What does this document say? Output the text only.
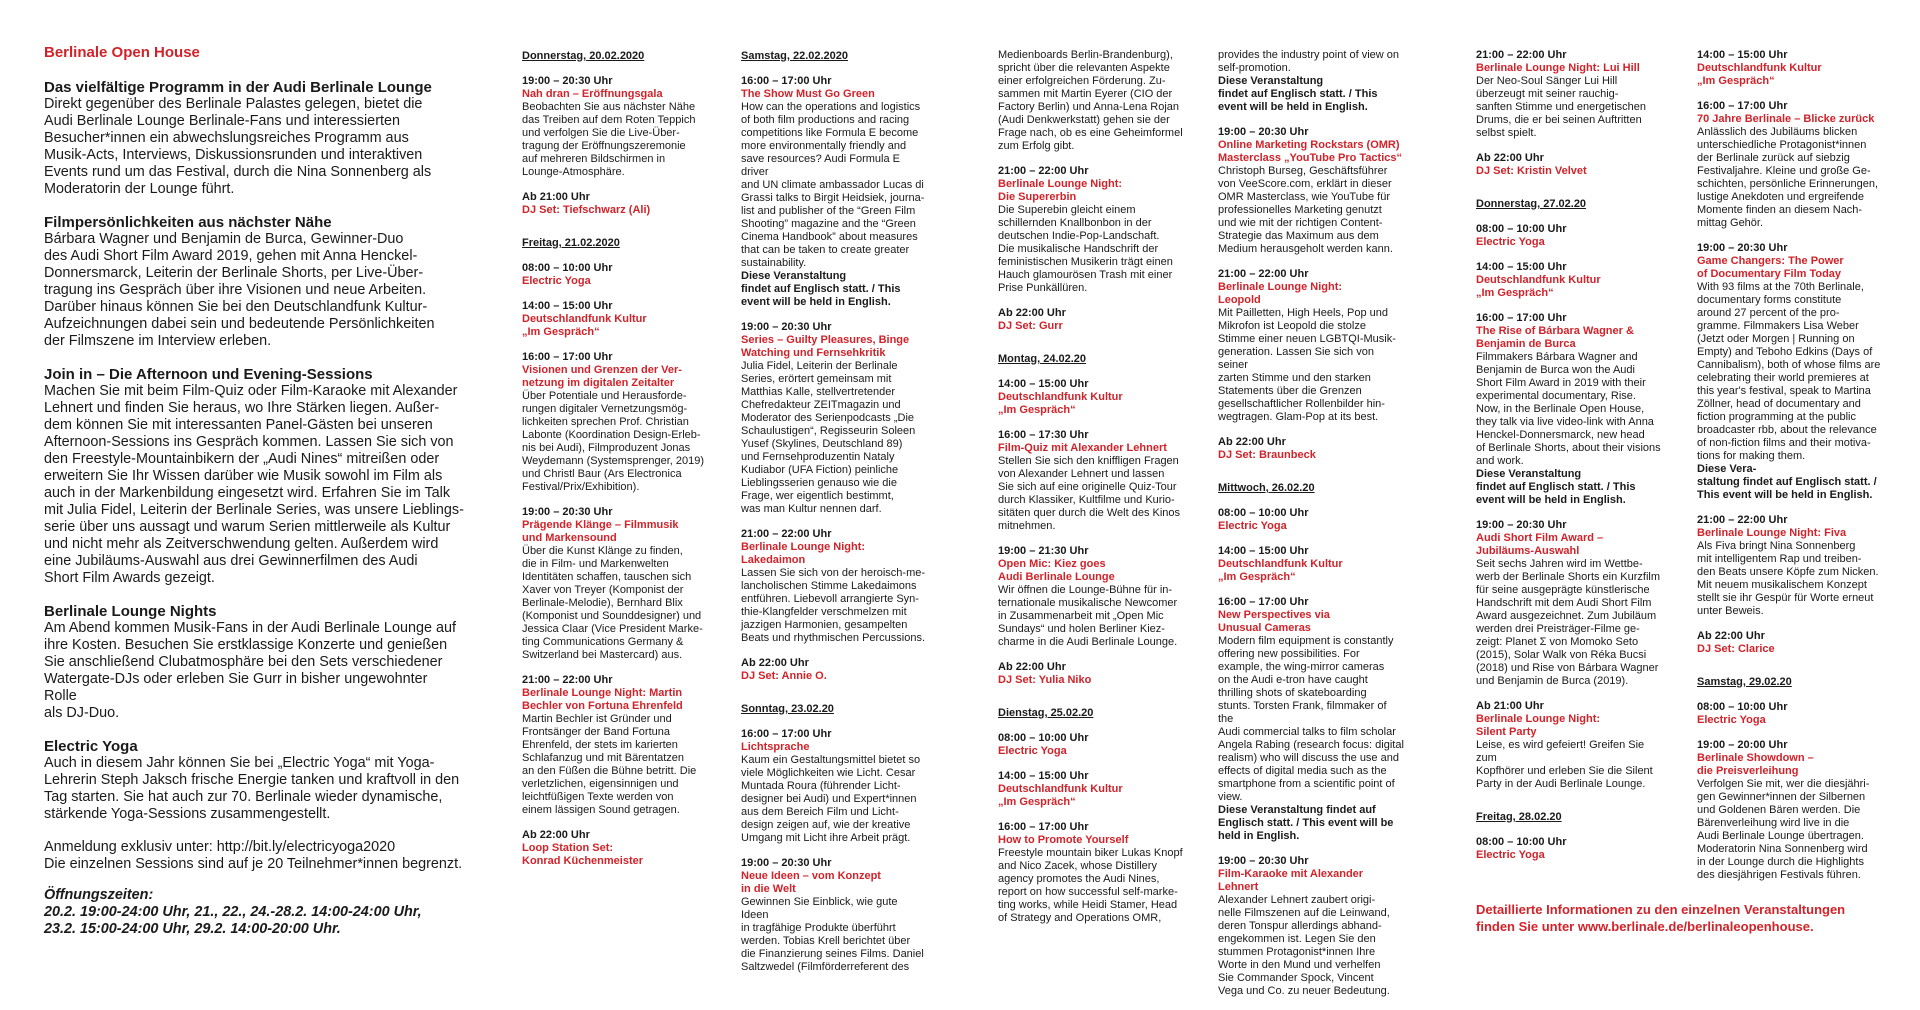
Berlinale Open House
Das vielfältige Programm in der Audi Berlinale Lounge

Direkt gegenüber des Berlinale Palastes gelegen, bietet die
Audi Berlinale Lounge Berlinale-Fans und interessierten
Besucher*innen ein abwechslungsreiches Programm aus
Musik-Acts, Interviews, Diskussionsrunden und interaktiven
Events rund um das Festival, durch die Nina Sonnenberg als
Moderatorin der Lounge führt.

Filmpersönlichkeiten aus nächster Nähe

Bárbara Wagner und Benjamin de Burca, Gewinner-Duo
des Audi Short Film Award 2019, gehen mit Anna Henckel-
Donnersmarck, Leiterin der Berlinale Shorts, per Live-Über-
tragung ins Gespräch über ihre Visionen und neue Arbeiten.
Darüber hinaus können Sie bei den Deutschlandfunk Kultur-
Aufzeichnungen dabei sein und bedeutende Persönlichkeiten
der Filmszene im Interview erleben.

Join in – Die Afternoon und Evening-Sessions

Machen Sie mit beim Film-Quiz oder Film-Karaoke mit Alexander
Lehnert und finden Sie heraus, wo Ihre Stärken liegen. Außer-
dem können Sie mit interessanten Panel-Gästen bei unseren
Afternoon-Sessions ins Gespräch kommen. Lassen Sie sich von
den Freestyle-Mountainbikern der „Audi Nines“ mitreißen oder
erweitern Sie Ihr Wissen darüber wie Musik sowohl im Film als
auch in der Markenbildung eingesetzt wird. Erfahren Sie im Talk
mit Julia Fidel, Leiterin der Berlinale Series, was unsere Lieblings-
serie über uns aussagt und warum Serien mittlerweile als Kultur
und nicht mehr als Zeitverschwendung gelten. Außerdem wird
eine Jubiläums-Auswahl aus drei Gewinnerfilmen des Audi
Short Film Awards gezeigt.

Berlinale Lounge Nights

Am Abend kommen Musik-Fans in der Audi Berlinale Lounge auf
ihre Kosten. Besuchen Sie erstklassige Konzerte und genießen
Sie anschließend Clubatmosphäre bei den Sets verschiedener
Watergate-DJs oder erleben Sie Gurr in bisher ungewohnter Rolle
als DJ-Duo.

Electric Yoga

Auch in diesem Jahr können Sie bei „Electric Yoga“ mit Yoga-
Lehrerin Steph Jaksch frische Energie tanken und kraftvoll in den
Tag starten. Sie hat auch zur 70. Berlinale wieder dynamische,
stärkende Yoga-Sessions zusammengestellt.

Anmeldung exklusiv unter: http://bit.ly/electricyoga2020
Die einzelnen Sessions sind auf je 20 Teilnehmer*innen begrenzt.
Öffnungszeiten:
20.2. 19:00-24:00 Uhr, 21., 22., 24.-28.2. 14:00-24:00 Uhr,
23.2. 15:00-24:00 Uhr, 29.2. 14:00-20:00 Uhr.
Donnerstag, 20.02.2020
19:00 – 20:30 Uhr
Nah dran – Eröffnungsgala
Beobachten Sie aus nächster Nähe
das Treiben auf dem Roten Teppich
und verfolgen Sie die Live-Über-
tragung der Eröffnungszeremonie
auf mehreren Bildschirmen in
Lounge-Atmosphäre.
Ab 21:00 Uhr
DJ Set: Tiefschwarz (Ali)
Freitag, 21.02.2020
08:00 – 10:00 Uhr
Electric Yoga
14:00 – 15:00 Uhr
Deutschlandfunk Kultur
„Im Gespräch“
16:00 – 17:00 Uhr
Visionen und Grenzen der Ver-
netzung im digitalen Zeitalter
Über Potentiale und Herausforde-
rungen digitaler Vernetzungsmög-
lichkeiten sprechen Prof. Christian
Labonte (Koordination Design-Erleb-
nis bei Audi), Filmproduzent Jonas
Weydemann (Systemsprenger, 2019)
und Christl Baur (Ars Electronica
Festival/Prix/Exhibition).
19:00 – 20:30 Uhr
Prägende Klänge – Filmmusik
und Markensound
Über die Kunst Klänge zu finden,
die in Film- und Markenwelten
Identitäten schaffen, tauschen sich
Xaver von Treyer (Komponist der
Berlinale-Melodie), Bernhard Blix
(Komponist und Sounddesigner) und
Jessica Claar (Vice President Marke-
ting Communications Germany &
Switzerland bei Mastercard) aus.
21:00 – 22:00 Uhr
Berlinale Lounge Night: Martin
Bechler von Fortuna Ehrenfeld
Martin Bechler ist Gründer und
Frontsänger der Band Fortuna
Ehrenfeld, der stets im karierten
Schlafanzug und mit Bärentatzen
an den Füßen die Bühne betritt. Die
verletzlichen, eigensinnigen und
leichtfüßigen Texte werden von
einem lässigen Sound getragen.
Ab 22:00 Uhr
Loop Station Set:
Konrad Küchenmeister
Samstag, 22.02.2020
16:00 – 17:00 Uhr
The Show Must Go Green
How can the operations and logistics
of both film productions and racing
competitions like Formula E become
more environmentally friendly and
save resources? Audi Formula E driver
and UN climate ambassador Lucas di
Grassi talks to Birgit Heidsiek, journa-
list and publisher of the “Green Film
Shooting” magazine and the “Green
Cinema Handbook” about measures
that can be taken to create greater
sustainability.
Diese Veranstaltung
findet auf Englisch statt. / This
event will be held in English.
19:00 – 20:30 Uhr
Series – Guilty Pleasures, Binge
Watching und Fernsehkritik
Julia Fidel, Leiterin der Berlinale
Series, erörtert gemeinsam mit
Matthias Kalle, stellvertretender
Chefredakteur ZEITmagazin und
Moderator des Serienpodcasts „Die
Schaulustigen“, Regisseurin Soleen
Yusef (Skylines, Deutschland 89)
und Fernsehproduzentin Nataly
Kudiabor (UFA Fiction) peinliche
Lieblingsserien genauso wie die
Frage, wer eigentlich bestimmt,
was man Kultur nennen darf.
21:00 – 22:00 Uhr
Berlinale Lounge Night:
Lakedaimon
Lassen Sie sich von der heroisch-me-
lancholischen Stimme Lakedaimons
entführen. Liebevoll arrangierte Syn-
thie-Klangfelder verschmelzen mit
jazzigen Harmonien, gesampelten
Beats und rhythmischen Percussions.
Ab 22:00 Uhr
DJ Set: Annie O.
Sonntag, 23.02.20
16:00 – 17:00 Uhr
Lichtsprache
Kaum ein Gestaltungsmittel bietet so
viele Möglichkeiten wie Licht. Cesar
Muntada Roura (führender Licht-
designer bei Audi) und Expert*innen
aus dem Bereich Film und Licht-
design zeigen auf, wie der kreative
Umgang mit Licht ihre Arbeit prägt.
19:00 – 20:30 Uhr
Neue Ideen – vom Konzept
in die Welt
Gewinnen Sie Einblick, wie gute Ideen
in tragfähige Produkte überführt
werden. Tobias Krell berichtet über
die Finanzierung seines Films. Daniel
Saltzwedel (Filmförderreferent des
Medienboards Berlin-Brandenburg),
spricht über die relevanten Aspekte
einer erfolgreichen Förderung. Zu-
sammen mit Martin Eyerer (CIO der
Factory Berlin) und Anna-Lena Rojan
(Audi Denkwerkstatt) gehen sie der
Frage nach, ob es eine Geheimformel
zum Erfolg gibt.
21:00 – 22:00 Uhr
Berlinale Lounge Night:
Die Supererbin
Die Superebin gleicht einem
schillernden Knallbonbon in der
deutschen Indie-Pop-Landschaft.
Die musikalische Handschrift der
feministischen Musikerin trägt einen
Hauch glamourösen Trash mit einer
Prise Punkällüren.
Ab 22:00 Uhr
DJ Set: Gurr
Montag, 24.02.20
14:00 – 15:00 Uhr
Deutschlandfunk Kultur
„Im Gespräch“
16:00 – 17:30 Uhr
Film-Quiz mit Alexander Lehnert
Stellen Sie sich den kniffligen Fragen
von Alexander Lehnert und lassen
Sie sich auf eine originelle Quiz-Tour
durch Klassiker, Kultfilme und Kurio-
sitäten quer durch die Welt des Kinos
mitnehmen.
19:00 – 21:30 Uhr
Open Mic: Kiez goes
Audi Berlinale Lounge
Wir öffnen die Lounge-Bühne für in-
ternationale musikalische Newcomer
in Zusammenarbeit mit „Open Mic
Sundays“ und holen Berliner Kiez-
charme in die Audi Berlinale Lounge.
Ab 22:00 Uhr
DJ Set: Yulia Niko
Dienstag, 25.02.20
08:00 – 10:00 Uhr
Electric Yoga
14:00 – 15:00 Uhr
Deutschlandfunk Kultur
„Im Gespräch“
16:00 – 17:00 Uhr
How to Promote Yourself
Freestyle mountain biker Lukas Knopf
and Nico Zacek, whose Distillery
agency promotes the Audi Nines,
report on how successful self-marke-
ting works, while Heidi Stamer, Head
of Strategy and Operations OMR,
provides the industry point of view on
self-promotion.
Diese Veranstaltung
findet auf Englisch statt. / This
event will be held in English.
19:00 – 20:30 Uhr
Online Marketing Rockstars (OMR)
Masterclass „YouTube Pro Tactics“
Christoph Burseg, Geschäftsführer
von VeeScore.com, erklärt in dieser
OMR Masterclass, wie YouTube für
professionelles Marketing genutzt
und wie mit der richtigen Content-
Strategie das Maximum aus dem
Medium herausgeholt werden kann.
21:00 – 22:00 Uhr
Berlinale Lounge Night:
Leopold
Mit Pailletten, High Heels, Pop und
Mikrofon ist Leopold die stolze
Stimme einer neuen LGBTQI-Musik-
generation. Lassen Sie sich von seiner
zarten Stimme und den starken
Statements über die Grenzen
gesellschaftlicher Rollenbilder hin-
wegtragen. Glam-Pop at its best.
Ab 22:00 Uhr
DJ Set: Braunbeck
Mittwoch, 26.02.20
08:00 – 10:00 Uhr
Electric Yoga
14:00 – 15:00 Uhr
Deutschlandfunk Kultur
„Im Gespräch“
16:00 – 17:00 Uhr
New Perspectives via
Unusual Cameras
Modern film equipment is constantly
offering new possibilities. For
example, the wing-mirror cameras
on the Audi e-tron have caught
thrilling shots of skateboarding
stunts. Torsten Frank, filmmaker of the
Audi commercial talks to film scholar
Angela Rabing (research focus: digital
realism) who will discuss the use and
effects of digital media such as the
smartphone from a scientific point of
view.
Diese Veranstaltung findet auf
Englisch statt. / This event will be
held in English.
19:00 – 20:30 Uhr
Film-Karaoke mit Alexander Lehnert
Alexander Lehnert zaubert origi-
nelle Filmszenen auf die Leinwand,
deren Tonspur allerdings abhand-
engekommen ist. Legen Sie den
stummen Protagonist*innen Ihre
Worte in den Mund und verhelfen
Sie Commander Spock, Vincent
Vega und Co. zu neuer Bedeutung.
21:00 – 22:00 Uhr
Berlinale Lounge Night: Lui Hill
Der Neo-Soul Sänger Lui Hill
überzeugt mit seiner rauchig-
sanften Stimme und energetischen
Drums, die er bei seinen Auftritten
selbst spielt.
Ab 22:00 Uhr
DJ Set: Kristin Velvet
Donnerstag, 27.02.20
08:00 – 10:00 Uhr
Electric Yoga
14:00 – 15:00 Uhr
Deutschlandfunk Kultur
„Im Gespräch“
16:00 – 17:00 Uhr
The Rise of Bárbara Wagner &
Benjamin de Burca
Filmmakers Bárbara Wagner and
Benjamin de Burca won the Audi
Short Film Award in 2019 with their
experimental documentary, Rise.
Now, in the Berlinale Open House,
they talk via live video-link with Anna
Henckel-Donnersmarck, new head
of Berlinale Shorts, about their visions
and work.
Diese Veranstaltung
findet auf Englisch statt. / This
event will be held in English.
19:00 – 20:30 Uhr
Audi Short Film Award –
Jubiläums-Auswahl
Seit sechs Jahren wird im Wettbe-
werb der Berlinale Shorts ein Kurzfilm
für seine ausgeprägte künstlerische
Handschrift mit dem Audi Short Film
Award ausgezeichnet. Zum Jubiläum
werden drei Preisträger-Filme ge-
zeigt: Planet Σ von Momoko Seto
(2015), Solar Walk von Réka Bucsi
(2018) und Rise von Bárbara Wagner
und Benjamin de Burca (2019).
Ab 21:00 Uhr
Berlinale Lounge Night:
Silent Party
Leise, es wird gefeiert! Greifen Sie zum
Kopfhörer und erleben Sie die Silent
Party in der Audi Berlinale Lounge.
Freitag, 28.02.20
08:00 – 10:00 Uhr
Electric Yoga
14:00 – 15:00 Uhr
Deutschlandfunk Kultur
„Im Gespräch“
16:00 – 17:00 Uhr
70 Jahre Berlinale – Blicke zurück
Anlässlich des Jubiläums blicken
unterschiedliche Protagonist*innen
der Berlinale zurück auf siebzig
Festivaljahre. Kleine und große Ge-
schichten, persönliche Erinnerungen,
lustige Anekdoten und ergreifende
Momente finden an diesem Nach-
mittag Gehör.
19:00 – 20:30 Uhr
Game Changers: The Power
of Documentary Film Today
With 93 films at the 70th Berlinale,
documentary forms constitute
around 27 percent of the pro-
gramme. Filmmakers Lisa Weber
(Jetzt oder Morgen | Running on
Empty) and Teboho Edkins (Days of
Cannibalism), both of whose films are
celebrating their world premieres at
this year's festival, speak to Martina
Zöllner, head of documentary and
fiction programming at the public
broadcaster rbb, about the relevance
of non-fiction films and their motiva-
tions for making them.
Diese Vera-
staltung findet auf Englisch statt. /
This event will be held in English.
21:00 – 22:00 Uhr
Berlinale Lounge Night: Fiva
Als Fiva bringt Nina Sonnenberg
mit intelligentem Rap und treiben-
den Beats unsere Köpfe zum Nicken.
Mit neuem musikalischem Konzept
stellt sie ihr Gespür für Worte erneut
unter Beweis.
Ab 22:00 Uhr
DJ Set: Clarice
Samstag, 29.02.20
08:00 – 10:00 Uhr
Electric Yoga
19:00 – 20:00 Uhr
Berlinale Showdown –
die Preisverleihung
Verfolgen Sie mit, wer die diesjähri-
gen Gewinner*innen der Silbernen
und Goldenen Bären werden. Die
Bärenverleihung wird live in die
Audi Berlinale Lounge übertragen.
Moderatorin Nina Sonnenberg wird
in der Lounge durch die Highlights
des diesjährigen Festivals führen.
Detaillierte Informationen zu den einzelnen Veranstaltungen
finden Sie unter www.berlinale.de/berlinaleopenhouse.
